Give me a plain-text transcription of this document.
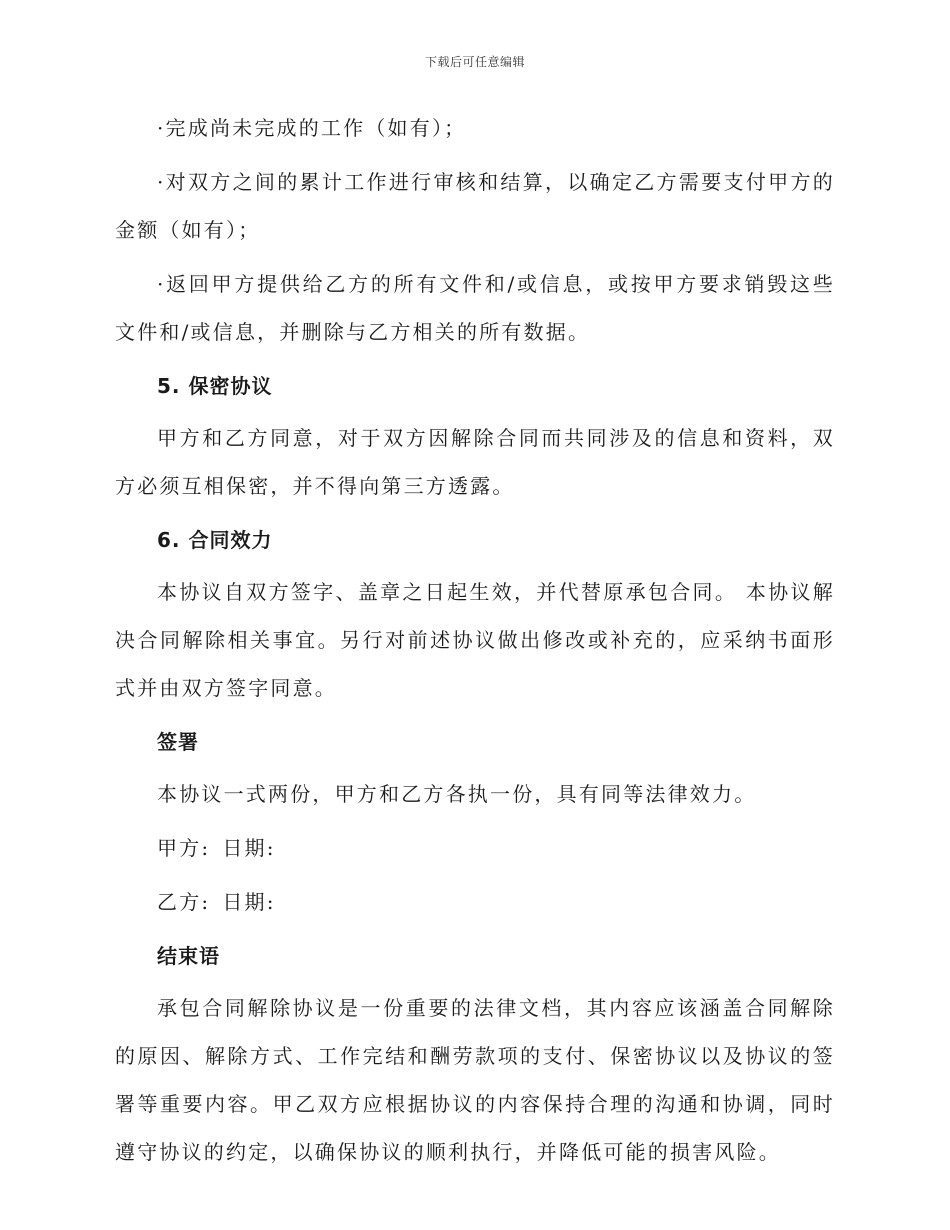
下载后可任意编辑

·完成尚未完成的工作（如有）；

·对双方之间的累计工作进行审核和结算，以确定乙方需要支付甲方的金额（如有）；

·返回甲方提供给乙方的所有文件和/或信息，或按甲方要求销毁这些文件和/或信息，并删除与乙方相关的所有数据。

5. 保密协议

甲方和乙方同意，对于双方因解除合同而共同涉及的信息和资料，双方必须互相保密，并不得向第三方透露。

6. 合同效力

本协议自双方签字、盖章之日起生效，并代替原承包合同。 本协议解决合同解除相关事宜。另行对前述协议做出修改或补充的，应采纳书面形式并由双方签字同意。

签署

本协议一式两份，甲方和乙方各执一份，具有同等法律效力。

甲方: 日期:
乙方: 日期:
结束语

承包合同解除协议是一份重要的法律文档，其内容应该涵盖合同解除的原因、解除方式、工作完结和酬劳款项的支付、保密协议以及协议的签署等重要内容。甲乙双方应根据协议的内容保持合理的沟通和协调，同时遵守协议的约定，以确保协议的顺利执行，并降低可能的损害风险。
